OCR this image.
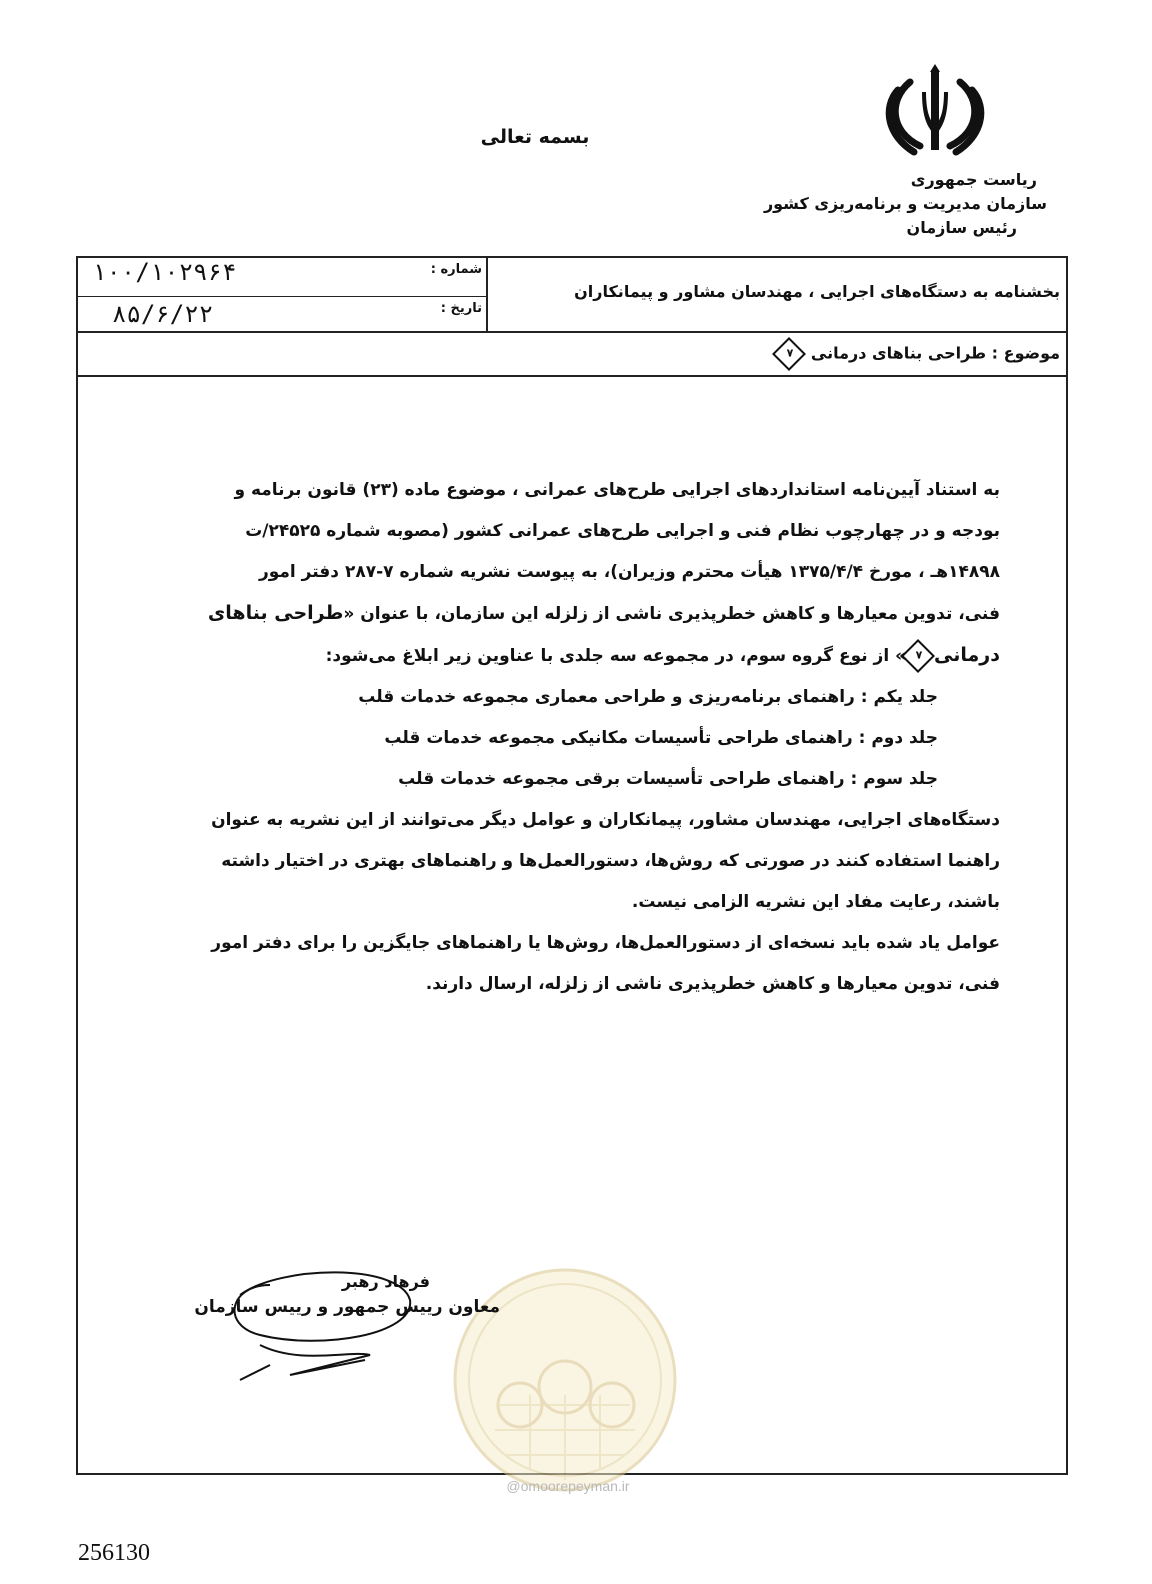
بسمه تعالی
ریاست جمهوری
سازمان مدیریت و برنامه‌ریزی کشور
رئیس سازمان
شماره :
۱۰۰/۱۰۲۹۶۴
تاریخ :
۸۵/۶/۲۲
بخشنامه به دستگاه‌های اجرایی ، مهندسان مشاور و پیمانکاران
موضوع : طراحی بناهای درمانی ۷
به استناد آیین‌نامه استانداردهای اجرایی طرح‌های عمرانی ، موضوع ماده (۲۳) قانون برنامه و
بودجه و در چهارچوب نظام فنی و اجرایی طرح‌های عمرانی کشور (مصوبه شماره ۲۴۵۲۵/ت
۱۴۸۹۸هـ ، مورخ ۱۳۷۵/۴/۴ هیأت محترم وزیران)، به پیوست نشریه شماره ۷-۲۸۷ دفتر امور
فنی، تدوین معیارها و کاهش خطرپذیری ناشی از زلزله این سازمان، با عنوان «طراحی بناهای
درمانی۷» از نوع گروه سوم، در مجموعه سه جلدی با عناوین زیر ابلاغ می‌شود:
جلد یکم : راهنمای برنامه‌ریزی و طراحی معماری مجموعه خدمات قلب
جلد دوم : راهنمای طراحی تأسیسات مکانیکی مجموعه خدمات قلب
جلد سوم : راهنمای طراحی تأسیسات برقی مجموعه خدمات قلب
دستگاه‌های اجرایی، مهندسان مشاور، پیمانکاران و عوامل دیگر می‌توانند از این نشریه به عنوان
راهنما استفاده کنند در صورتی که روش‌ها، دستورالعمل‌ها و راهنماهای بهتری در اختیار داشته
باشند، رعایت مفاد این نشریه الزامی نیست.
عوامل یاد شده باید نسخه‌ای از دستورالعمل‌ها، روش‌ها یا راهنماهای جایگزین را برای دفتر امور
فنی، تدوین معیارها و کاهش خطرپذیری ناشی از زلزله، ارسال دارند.
فرهاد رهبر
معاون رییس جمهور و رییس سازمان
@omoorepeyman.ir
256130
